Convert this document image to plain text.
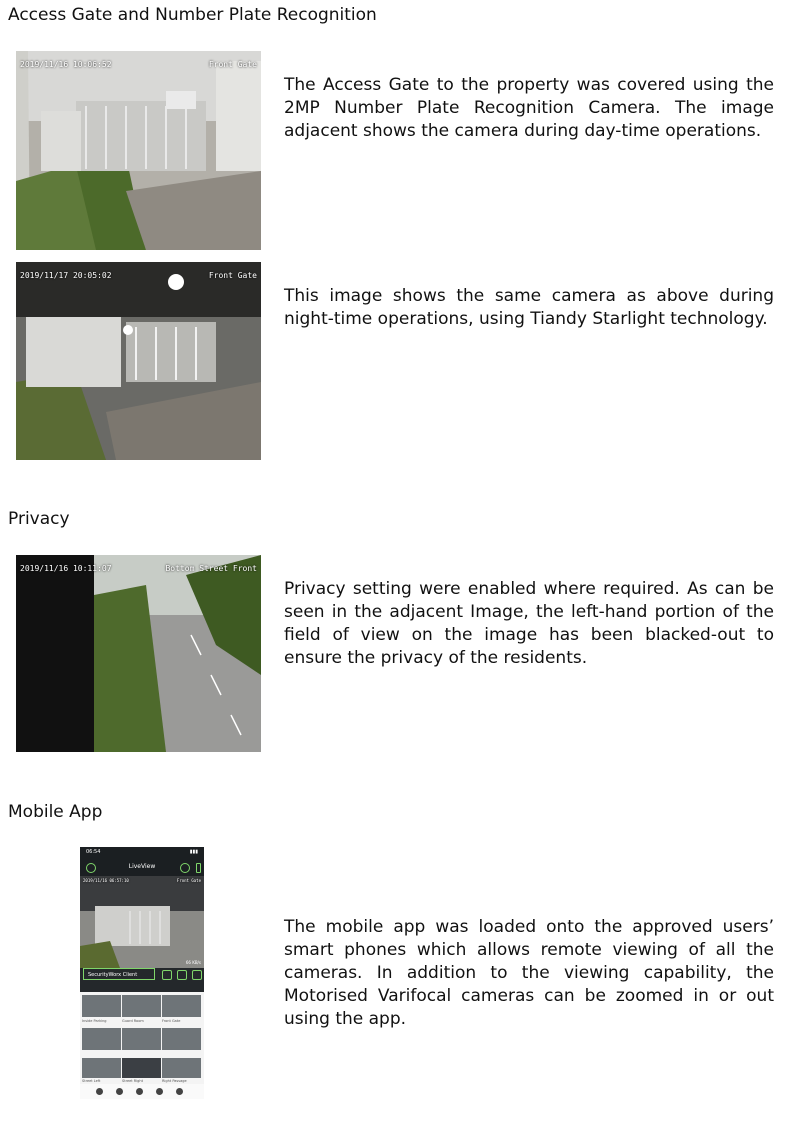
Access Gate and Number Plate Recognition
2019/11/16 10:06:52	Front Gate

The Access Gate to the property was covered using the 2MP Number Plate Recognition Camera. The image adjacent shows the camera during day-time operations.

2019/11/17 20:05:02	Front Gate

This image shows the same camera as above during night-time operations, using Tiandy Starlight technology.

Privacy
2019/11/16 10:11:07	Bottom Street Front

Privacy setting were enabled where required. As can be seen in the adjacent Image, the left-hand portion of the field of view on the image has been blacked-out to ensure the privacy of the residents.

Mobile App
06:54	▮▮▮
LiveView
2019/11/16 06:57:10	Front Gate
66 KB/s
SecurityWorx Client
Inside Parking	Guard Room	Front Gate
Street Left	Street Right	Right Passage

The mobile app was loaded onto the approved users’ smart phones which allows remote viewing of all the cameras. In addition to the viewing capability, the Motorised Varifocal cameras can be zoomed in or out using the app.
